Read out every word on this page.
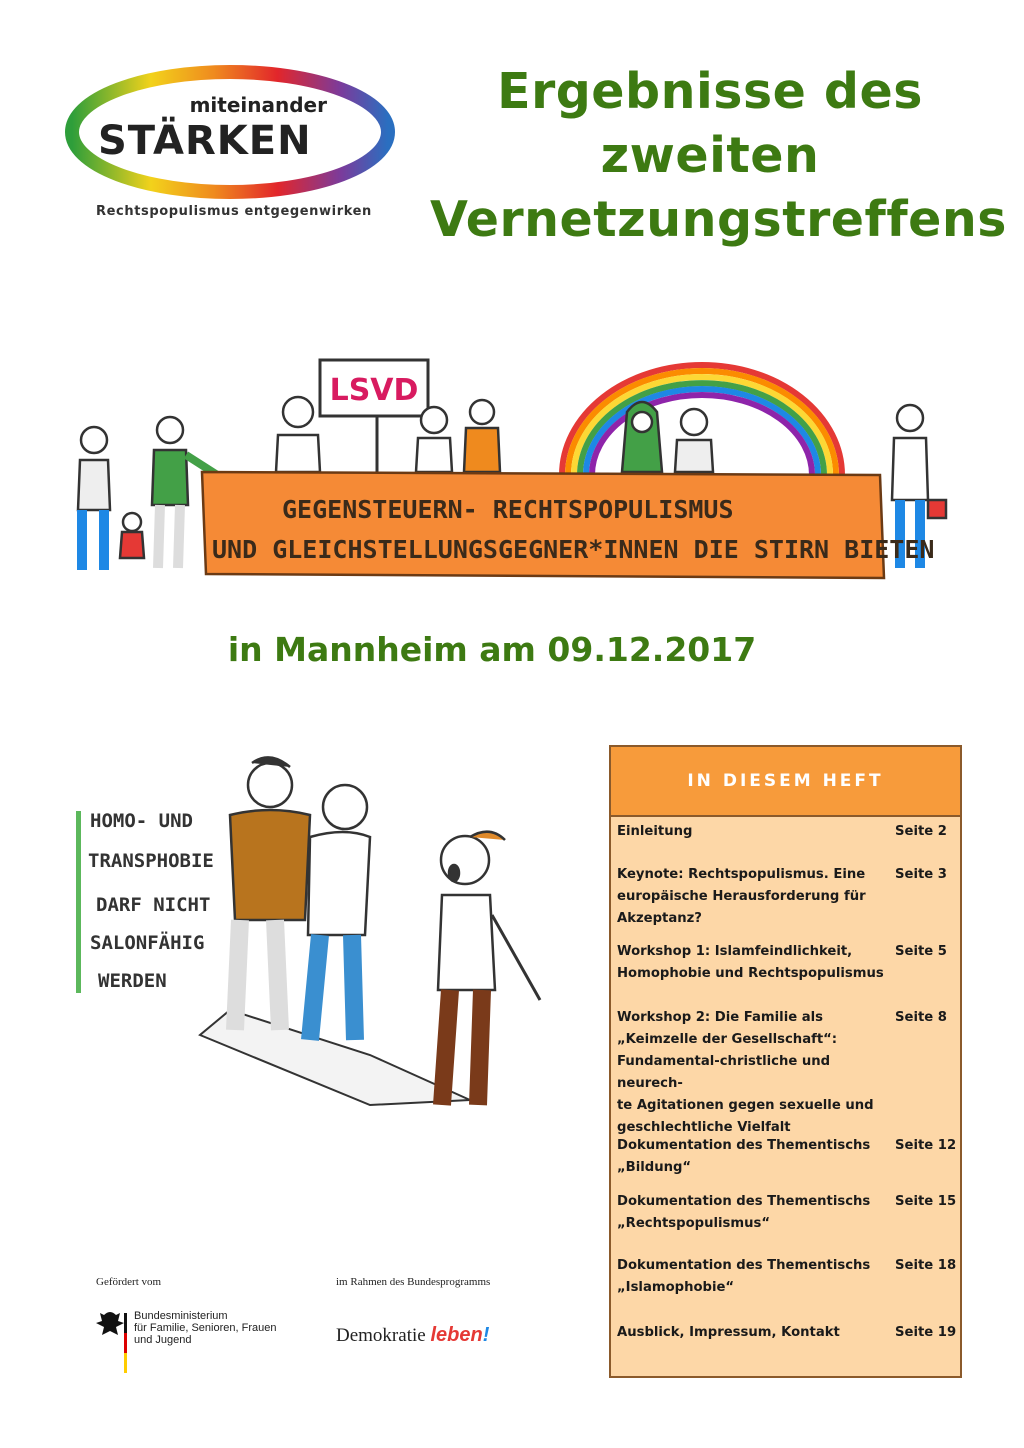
miteinander
STÄRKEN
Rechtspopulismus entgegenwirken
Ergebnisse des
zweiten
Vernetzungstreffens
LSVD
GEGENSTEUERN- RECHTSPOPULISMUS
UND GLEICHSTELLUNGSGEGNER*INNEN DIE STIRN BIETEN
in Mannheim am 09.12.2017
HOMO- UND
TRANSPHOBIE
DARF NICHT
SALONFÄHIG
WERDEN
IN DIESEM HEFT
Einleitung	Seite 2
Keynote: Rechtspopulismus. Eine
europäische Herausforderung für
Akzeptanz?
Seite 3
Workshop 1: Islamfeindlichkeit,
Homophobie und Rechtspopulismus
Seite 5
Workshop 2: Die Familie als
„Keimzelle der Gesellschaft“:
Fundamental-christliche und neurech-
te Agitationen gegen sexuelle und
geschlechtliche Vielfalt
Seite 8
Dokumentation des Thementischs
„Bildung“
Seite 12
Dokumentation des Thementischs
„Rechtspopulismus“
Seite 15
Dokumentation des Thementischs
„Islamophobie“
Seite 18
Ausblick, Impressum, Kontakt	Seite 19
Gefördert vom	im Rahmen des Bundesprogramms
Bundesministerium
für Familie, Senioren, Frauen
und Jugend	Demokratie leben!
